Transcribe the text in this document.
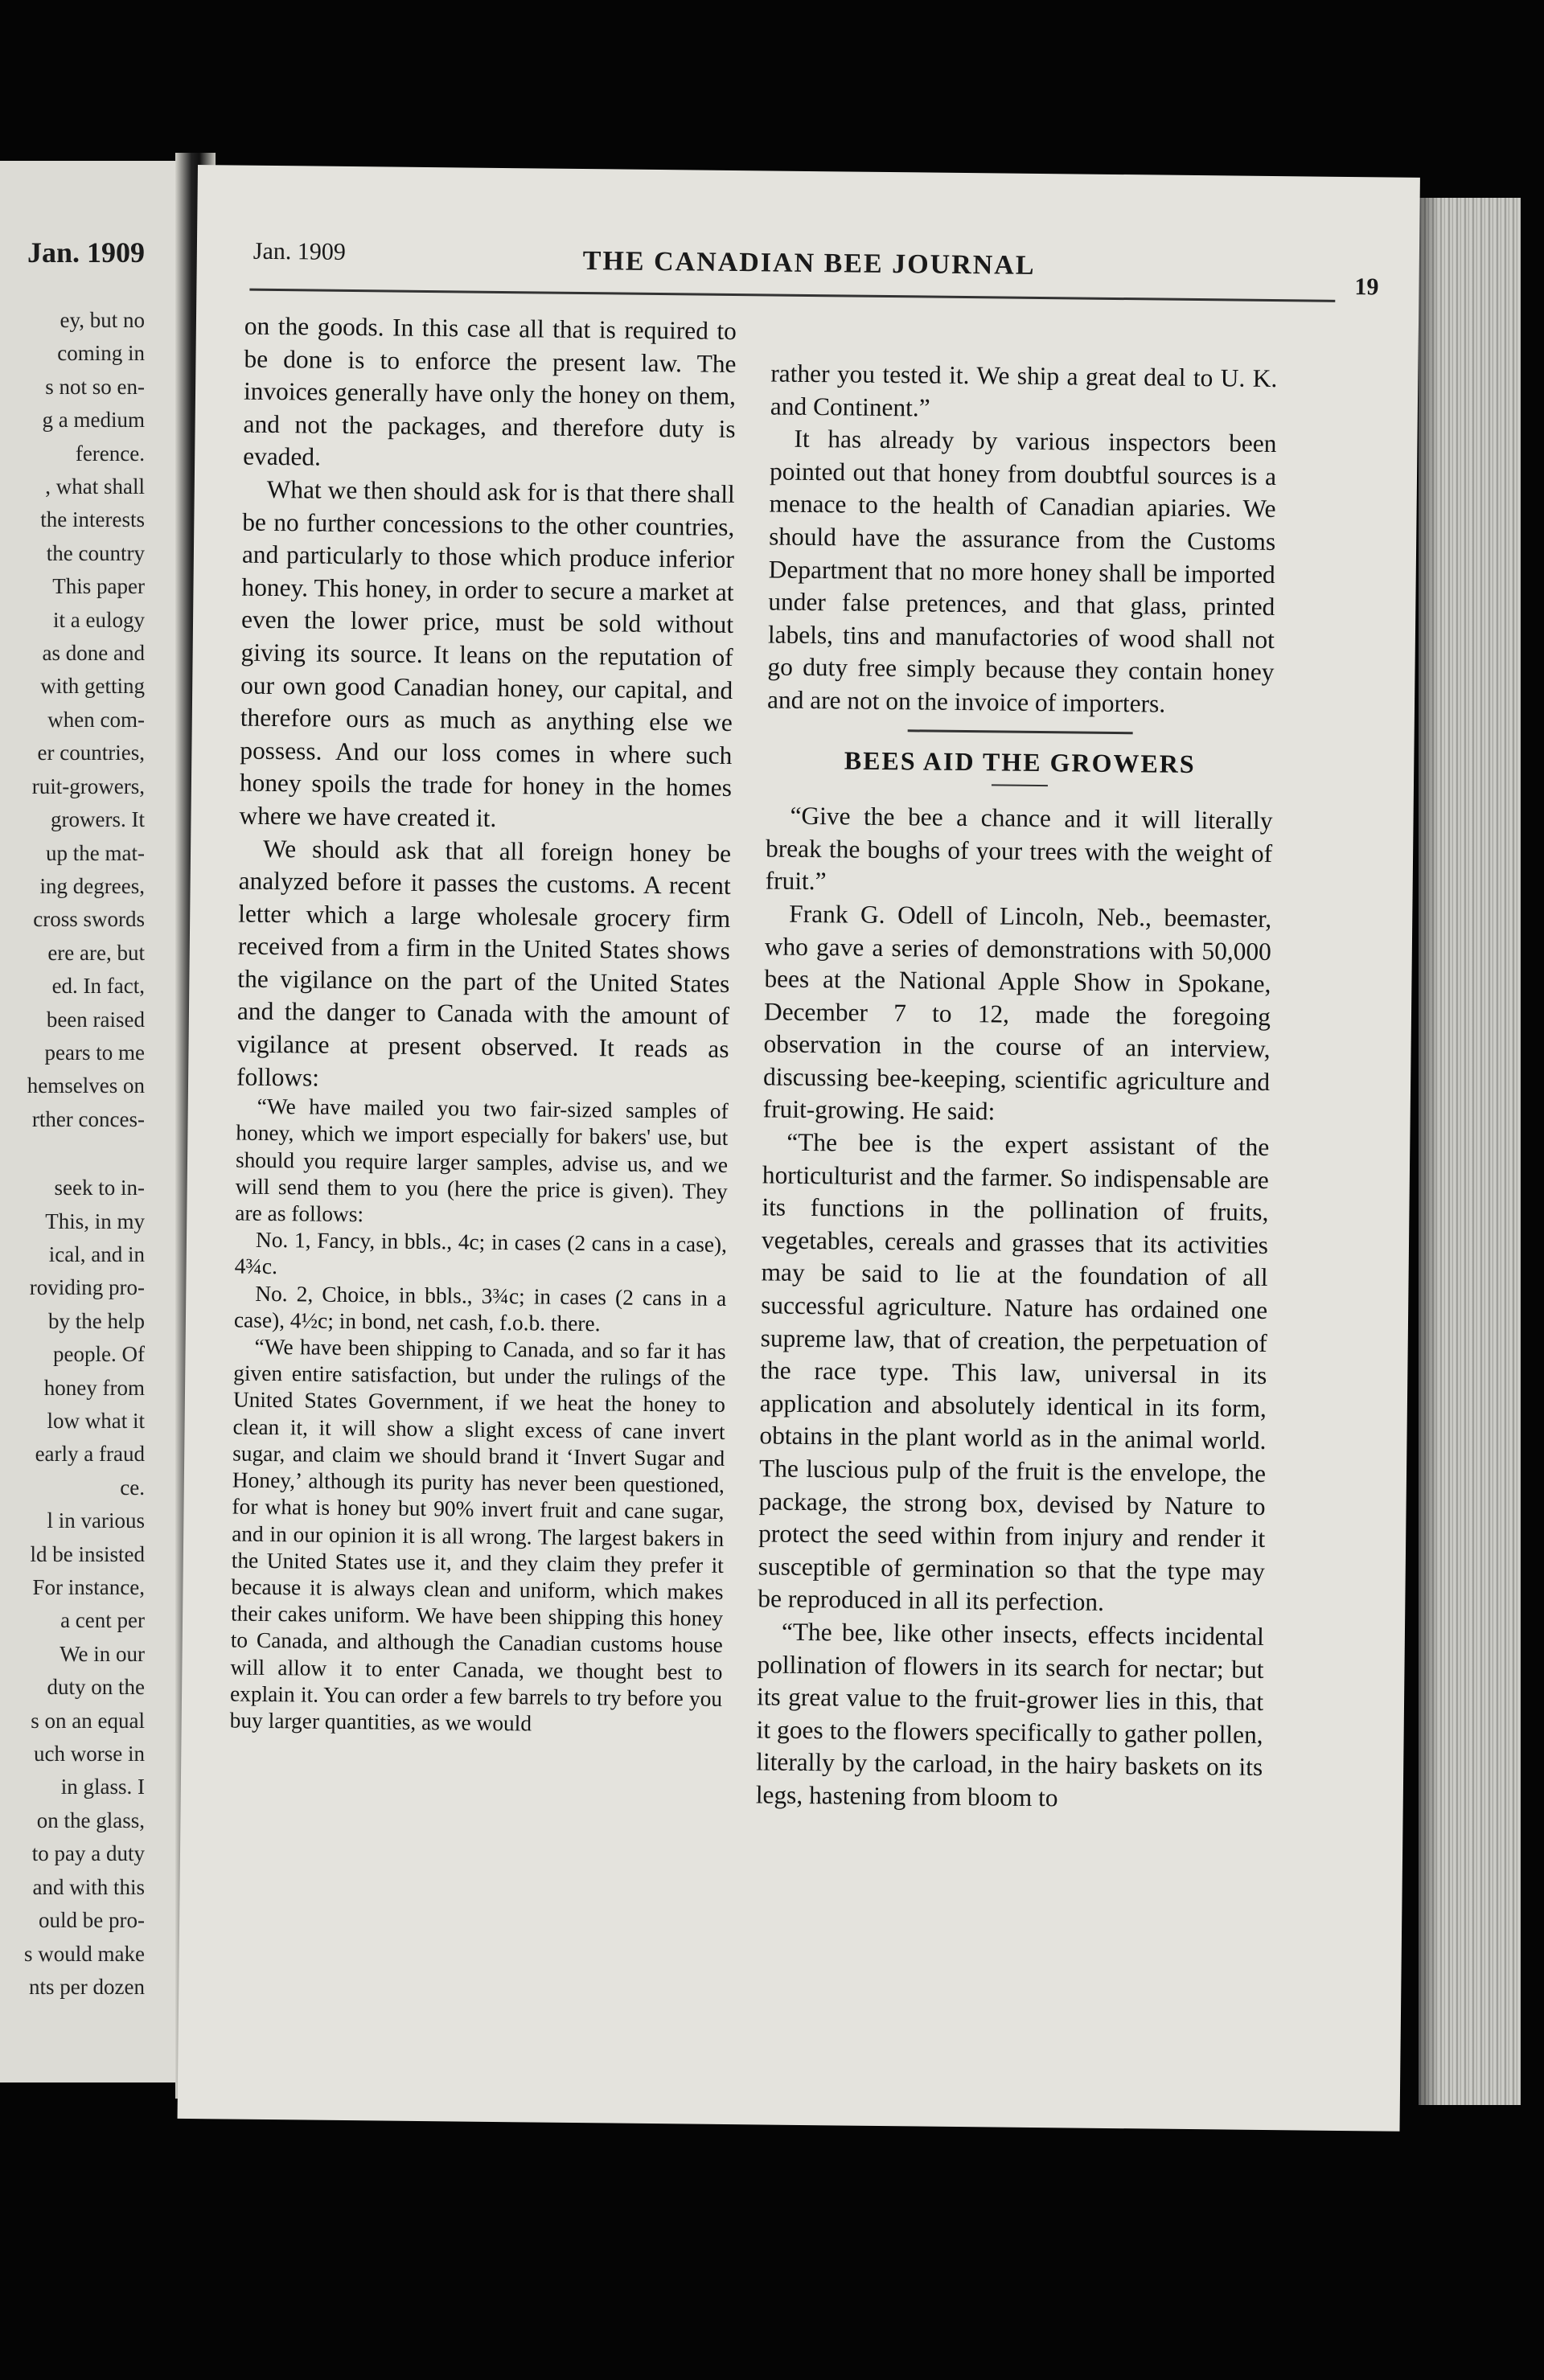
Jan. 1909
ey, but no
coming in
s not so en-
g a medium
ference.
, what shall
the interests
the country
This paper
it a eulogy
as done and
with getting
when com-
er countries,
ruit-growers,
growers. It
up the mat-
ing degrees,
cross swords
ere are, but
ed. In fact,
been raised
pears to me
hemselves on
rther conces-
seek to in-
This, in my
ical, and in
roviding pro-
by the help
people. Of
honey from
low what it
early a fraud
ce.
l in various
ld be insisted
For instance,
a cent per
We in our
duty on the
s on an equal
uch worse in
in glass. I
on the glass,
to pay a duty
and with this
ould be pro-
s would make
nts per dozen
Jan. 1909	THE CANADIAN BEE JOURNAL
19

on the goods. In this case all that is required to be done is to enforce the present law. The invoices generally have only the honey on them, and not the packages, and therefore duty is evaded.

What we then should ask for is that there shall be no further concessions to the other countries, and particularly to those which produce inferior honey. This honey, in order to secure a market at even the lower price, must be sold without giving its source. It leans on the reputation of our own good Canadian honey, our capital, and therefore ours as much as anything else we possess. And our loss comes in where such honey spoils the trade for honey in the homes where we have created it.

We should ask that all foreign honey be analyzed before it passes the customs. A recent letter which a large wholesale grocery firm received from a firm in the United States shows the vigilance on the part of the United States and the danger to Canada with the amount of vigilance at present observed. It reads as follows:

“We have mailed you two fair-sized samples of honey, which we import especially for bakers' use, but should you require larger samples, advise us, and we will send them to you (here the price is given). They are as follows:

No. 1, Fancy, in bbls., 4c; in cases (2 cans in a case), 4¾c.

No. 2, Choice, in bbls., 3¾c; in cases (2 cans in a case), 4½c; in bond, net cash, f.o.b. there.

“We have been shipping to Canada, and so far it has given entire satisfaction, but under the rulings of the United States Government, if we heat the honey to clean it, it will show a slight excess of cane invert sugar, and claim we should brand it ‘Invert Sugar and Honey,’ although its purity has never been questioned, for what is honey but 90% invert fruit and cane sugar, and in our opinion it is all wrong. The largest bakers in the United States use it, and they claim they prefer it because it is always clean and uniform, which makes their cakes uniform. We have been shipping this honey to Canada, and although the Canadian customs house will allow it to enter Canada, we thought best to explain it. You can order a few barrels to try before you buy larger quantities, as we would

rather you tested it. We ship a great deal to U. K. and Continent.”

It has already by various inspectors been pointed out that honey from doubtful sources is a menace to the health of Canadian apiaries. We should have the assurance from the Customs Department that no more honey shall be imported under false pretences, and that glass, printed labels, tins and manufactories of wood shall not go duty free simply because they contain honey and are not on the invoice of importers.

BEES AID THE GROWERS

“Give the bee a chance and it will literally break the boughs of your trees with the weight of fruit.”

Frank G. Odell of Lincoln, Neb., beemaster, who gave a series of demonstrations with 50,000 bees at the National Apple Show in Spokane, December 7 to 12, made the foregoing observation in the course of an interview, discussing bee-keeping, scientific agriculture and fruit-growing. He said:

“The bee is the expert assistant of the horticulturist and the farmer. So indispensable are its functions in the pollination of fruits, vegetables, cereals and grasses that its activities may be said to lie at the foundation of all successful agriculture. Nature has ordained one supreme law, that of creation, the perpetuation of the race type. This law, universal in its application and absolutely identical in its form, obtains in the plant world as in the animal world. The luscious pulp of the fruit is the envelope, the package, the strong box, devised by Nature to protect the seed within from injury and render it susceptible of germination so that the type may be reproduced in all its perfection.

“The bee, like other insects, effects incidental pollination of flowers in its search for nectar; but its great value to the fruit-grower lies in this, that it goes to the flowers specifically to gather pollen, literally by the carload, in the hairy baskets on its legs, hastening from bloom to
